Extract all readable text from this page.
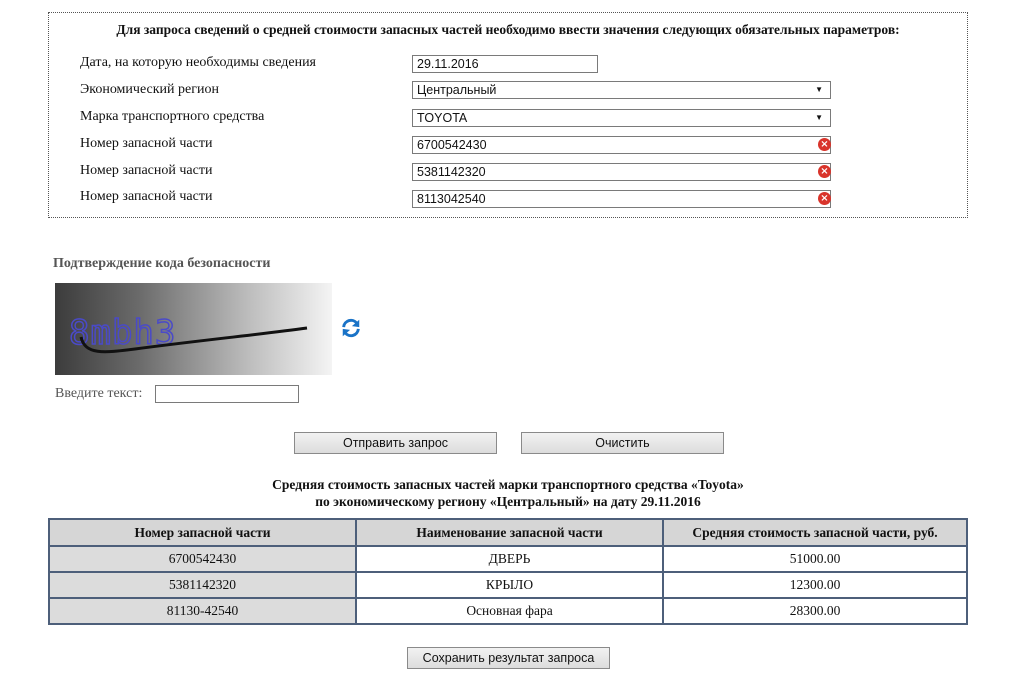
Для запроса сведений о средней стоимости запасных частей необходимо ввести значения следующих обязательных параметров:
Дата, на которую необходимы сведения	29.11.2016
Экономический регион	Центральный	▼
Марка транспортного средства	TOYOTA	▼
Номер запасной части	6700542430	×
Номер запасной части	5381142320	×
Номер запасной части	8113042540	×
Подтверждение кода безопасности
8mbh3
Введите текст:
Отправить запрос	Очистить
Средняя стоимость запасных частей марки транспортного средства «Toyota»
по экономическому региону «Центральный» на дату 29.11.2016
Номер запасной части	Наименование запасной части	Средняя стоимость запасной части, руб.
6700542430	ДВЕРЬ	51000.00
5381142320	КРЫЛО	12300.00
81130-42540	Основная фара	28300.00
Сохранить результат запроса
